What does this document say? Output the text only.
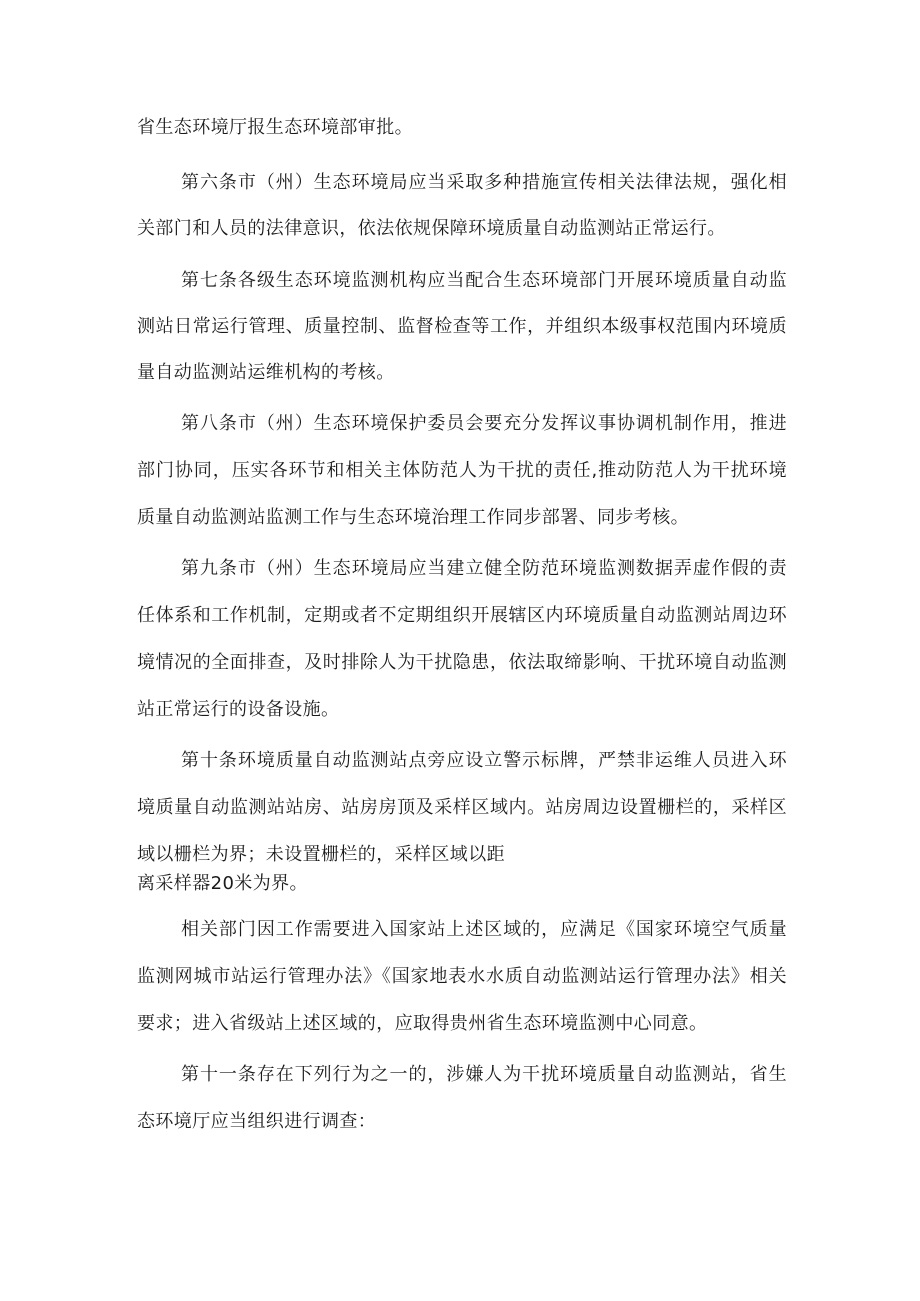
省生态环境厅报生态环境部审批。
第六条市（州）生态环境局应当采取多种措施宣传相关法律法规，强化相
关部门和人员的法律意识，依法依规保障环境质量自动监测站正常运行。
第七条各级生态环境监测机构应当配合生态环境部门开展环境质量自动监
测站日常运行管理、质量控制、监督检查等工作，并组织本级事权范围内环境质
量自动监测站运维机构的考核。
第八条市（州）生态环境保护委员会要充分发挥议事协调机制作用，推进
部门协同，压实各环节和相关主体防范人为干扰的责任,推动防范人为干扰环境
质量自动监测站监测工作与生态环境治理工作同步部署、同步考核。
第九条市（州）生态环境局应当建立健全防范环境监测数据弄虚作假的责
任体系和工作机制，定期或者不定期组织开展辖区内环境质量自动监测站周边环
境情况的全面排查，及时排除人为干扰隐患，依法取缔影响、干扰环境自动监测
站正常运行的设备设施。
第十条环境质量自动监测站点旁应设立警示标牌，严禁非运维人员进入环
境质量自动监测站站房、站房房顶及采样区域内。站房周边设置栅栏的，采样区
域以栅栏为界；未设置栅栏的，采样区域以距
离采样器20米为界。
相关部门因工作需要进入国家站上述区域的，应满足《国家环境空气质量
监测网城市站运行管理办法》《国家地表水水质自动监测站运行管理办法》相关
要求；进入省级站上述区域的，应取得贵州省生态环境监测中心同意。
第十一条存在下列行为之一的，涉嫌人为干扰环境质量自动监测站，省生
态环境厅应当组织进行调查：
